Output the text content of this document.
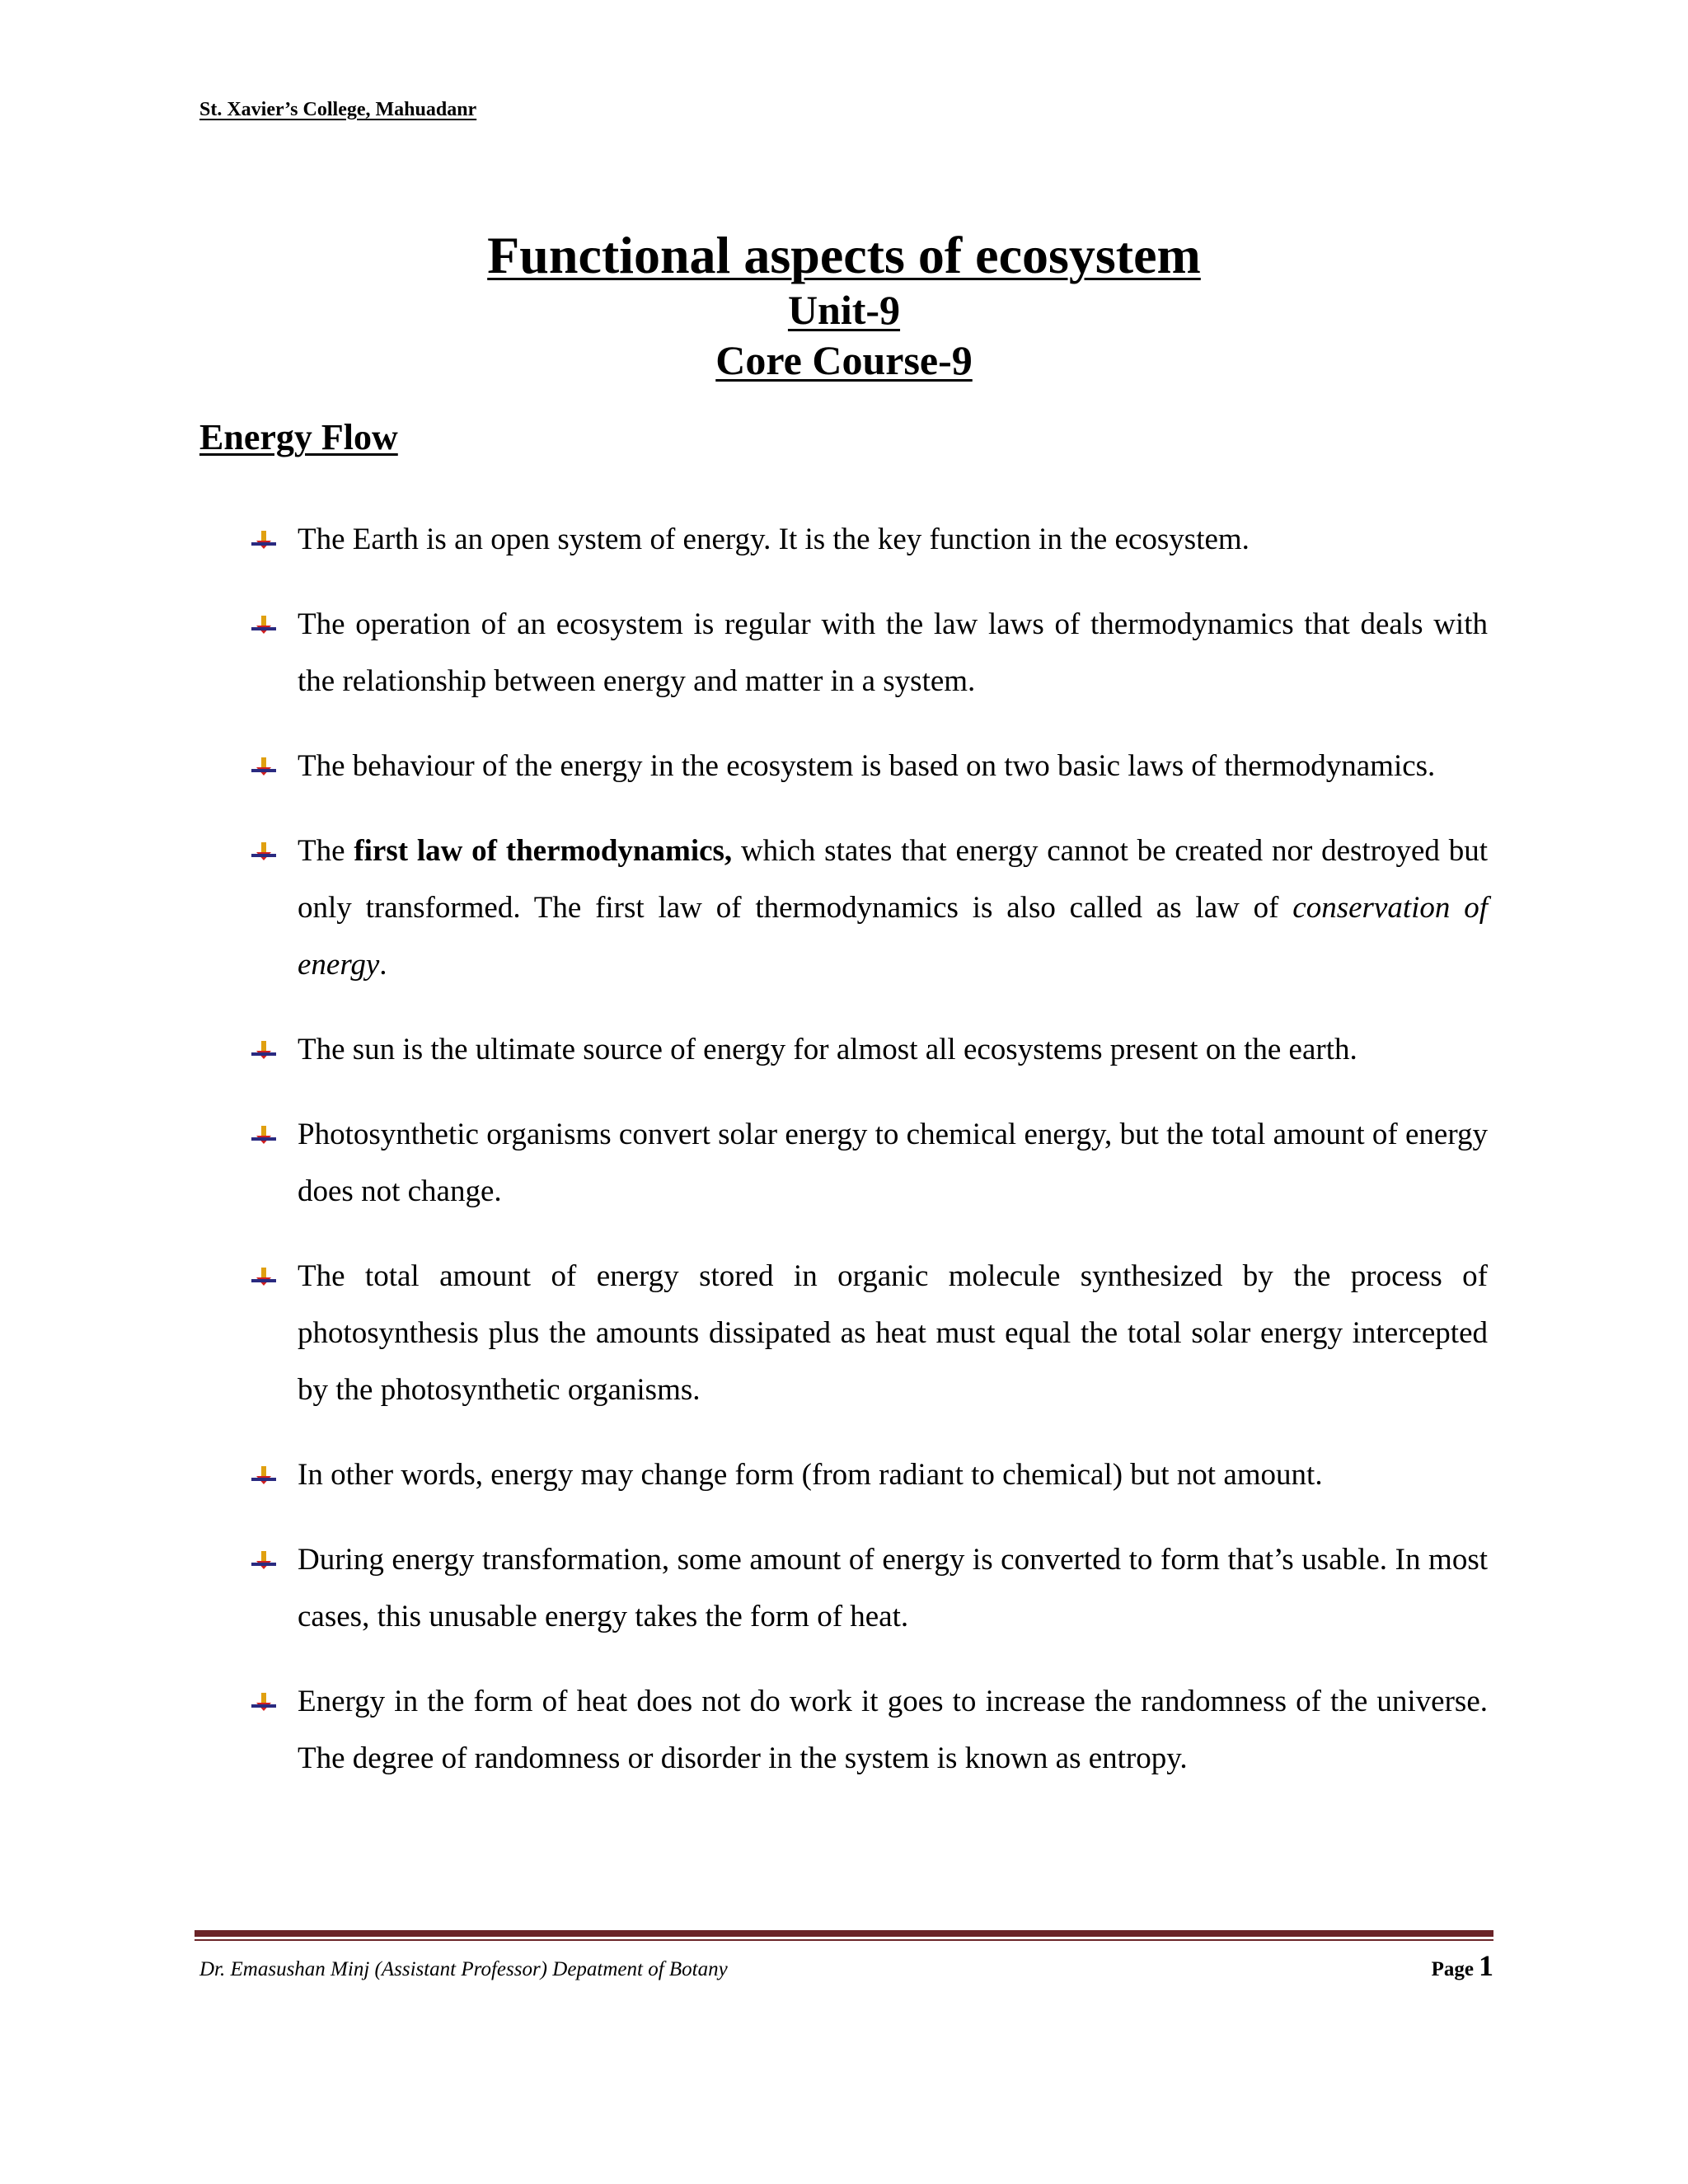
St. Xavier’s College, Mahuadanr
Functional aspects of ecosystem
Unit-9
Core Course-9
Energy Flow
The Earth is an open system of energy. It is the key function in the ecosystem.
The operation of an ecosystem is regular with the law laws of thermodynamics that deals with the relationship between energy and matter in a system.
The behaviour of the energy in the ecosystem is based on two basic laws of thermodynamics.
The first law of thermodynamics, which states that energy cannot be created nor destroyed but only transformed. The first law of thermodynamics is also called as law of conservation of energy.
The sun is the ultimate source of energy for almost all ecosystems present on the earth.
Photosynthetic organisms convert solar energy to chemical energy, but the total amount of energy does not change.
The total amount of energy stored in organic molecule synthesized by the process of photosynthesis plus the amounts dissipated as heat must equal the total solar energy intercepted by the photosynthetic organisms.
In other words, energy may change form (from radiant to chemical) but not amount.
During energy transformation, some amount of energy is converted to form that’s usable. In most cases, this unusable energy takes the form of heat.
Energy in the form of heat does not do work it goes to increase the randomness of the universe. The degree of randomness or disorder in the system is known as entropy.
Dr. Emasushan Minj (Assistant Professor) Depatment of Botany	Page 1
